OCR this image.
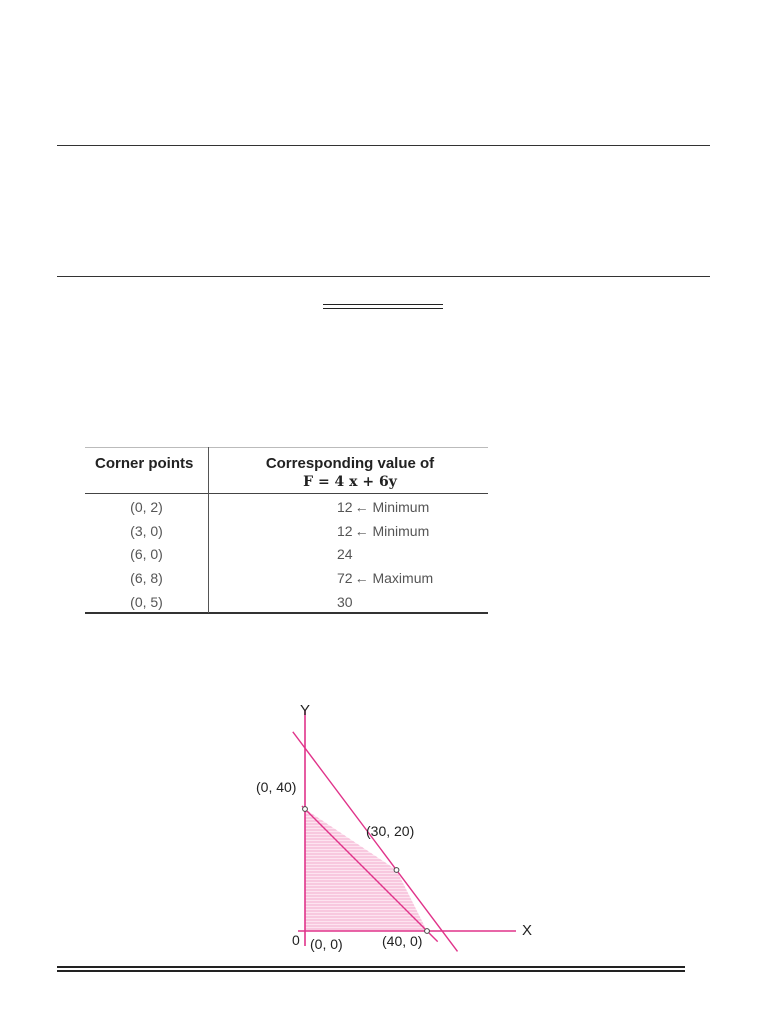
Corner points	Corresponding value of
F = 4 x + 6y
(0, 2)	12 ← Minimum
(3, 0)	12 ← Minimum
(6, 0)	24
(6, 8)	72 ← Maximum
(0, 5)	30
Y
X
0
(0, 40)
(30, 20)
(0, 0)	(40, 0)
